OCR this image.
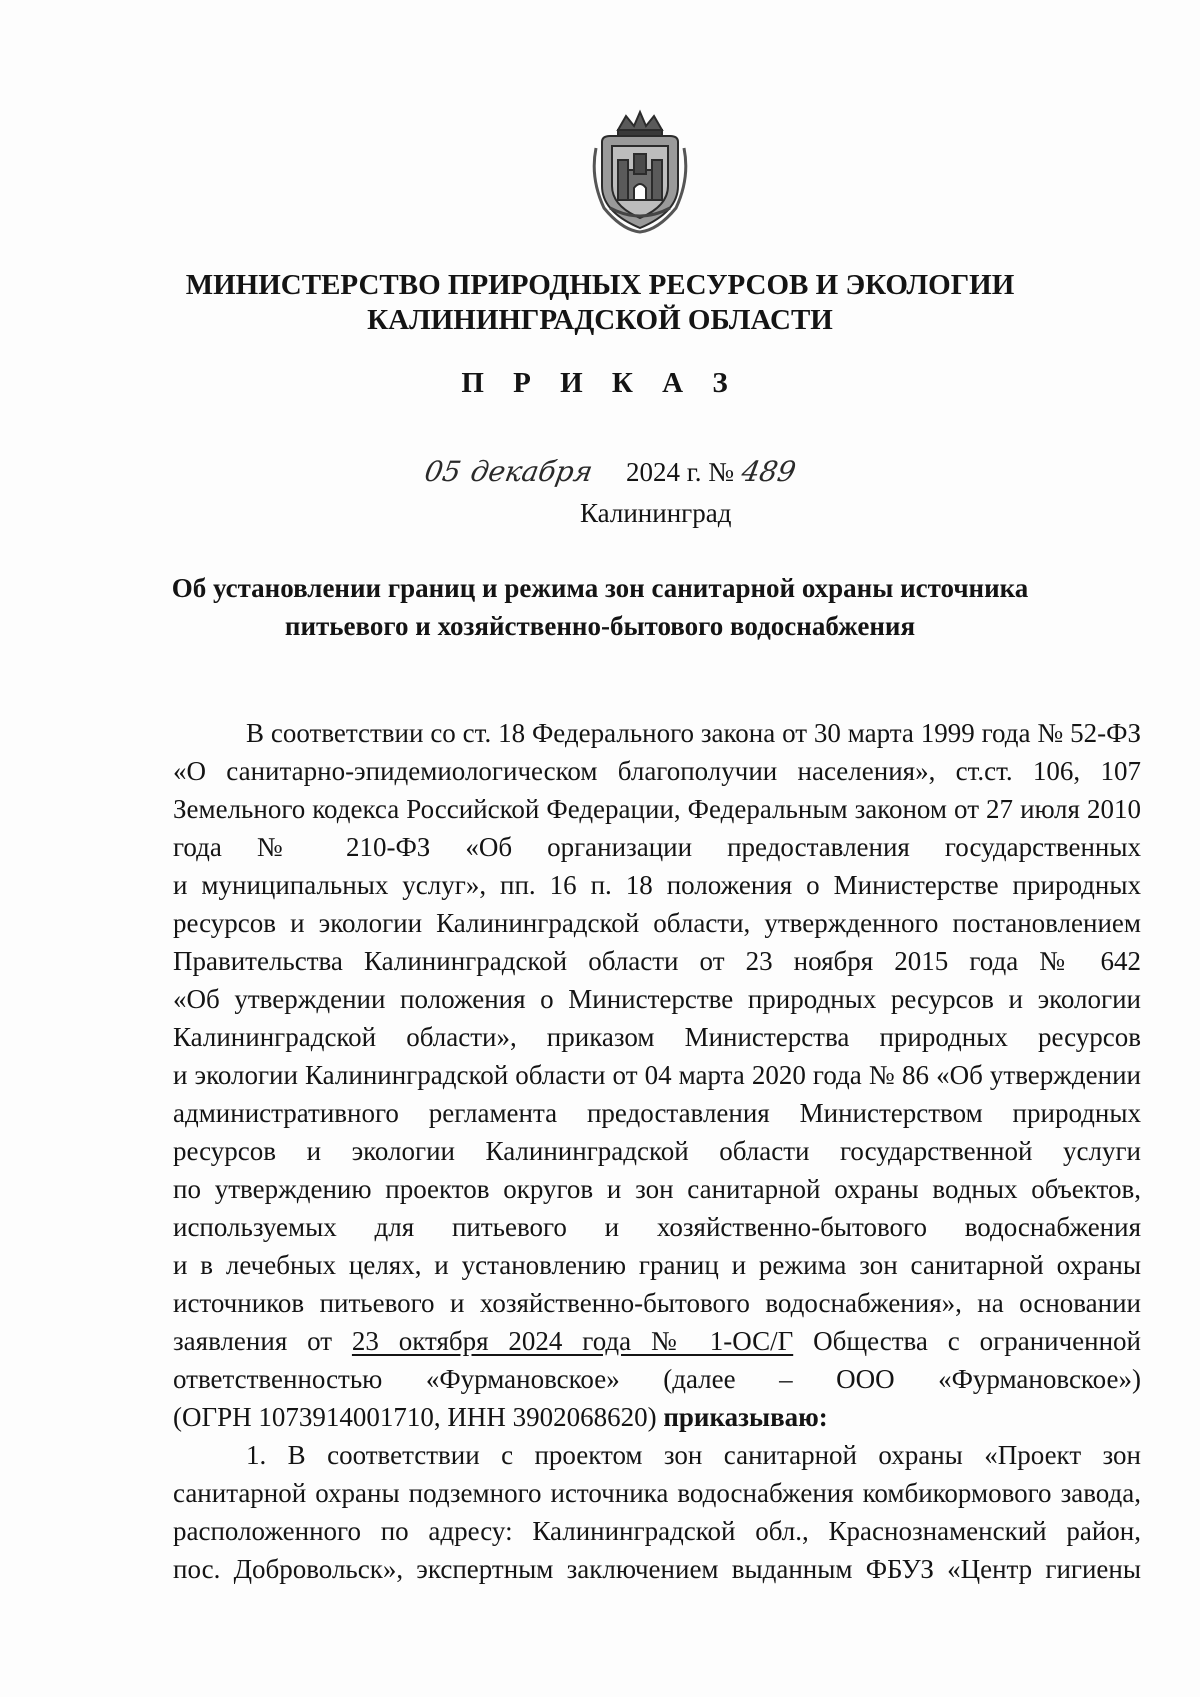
МИНИСТЕРСТВО ПРИРОДНЫХ РЕСУРСОВ И ЭКОЛОГИИ
КАЛИНИНГРАДСКОЙ ОБЛАСТИ
П Р И К А З
05 декабря 2024 г. № 489
Калининград
Об установлении границ и режима зон санитарной охраны источника
питьевого и хозяйственно-бытового водоснабжения
В соответствии со ст. 18 Федерального закона от 30 марта 1999 года № 52-ФЗ
«О санитарно-эпидемиологическом благополучии населения», ст.ст. 106, 107
Земельного кодекса Российской Федерации, Федеральным законом от 27 июля 2010
года № 210-ФЗ «Об организации предоставления государственных
и муниципальных услуг», пп. 16 п. 18 положения о Министерстве природных
ресурсов и экологии Калининградской области, утвержденного постановлением
Правительства Калининградской области от 23 ноября 2015 года № 642
«Об утверждении положения о Министерстве природных ресурсов и экологии
Калининградской области», приказом Министерства природных ресурсов
и экологии Калининградской области от 04 марта 2020 года № 86 «Об утверждении
административного регламента предоставления Министерством природных
ресурсов и экологии Калининградской области государственной услуги
по утверждению проектов округов и зон санитарной охраны водных объектов,
используемых для питьевого и хозяйственно-бытового водоснабжения
и в лечебных целях, и установлению границ и режима зон санитарной охраны
источников питьевого и хозяйственно-бытового водоснабжения», на основании
заявления от 23 октября 2024 года № 1-ОС/Г Общества с ограниченной
ответственностью «Фурмановское» (далее – ООО «Фурмановское»)
(ОГРН 1073914001710, ИНН 3902068620) приказываю:
1. В соответствии с проектом зон санитарной охраны «Проект зон
санитарной охраны подземного источника водоснабжения комбикормового завода,
расположенного по адресу: Калининградской обл., Краснознаменский район,
пос. Добровольск», экспертным заключением выданным ФБУЗ «Центр гигиены
